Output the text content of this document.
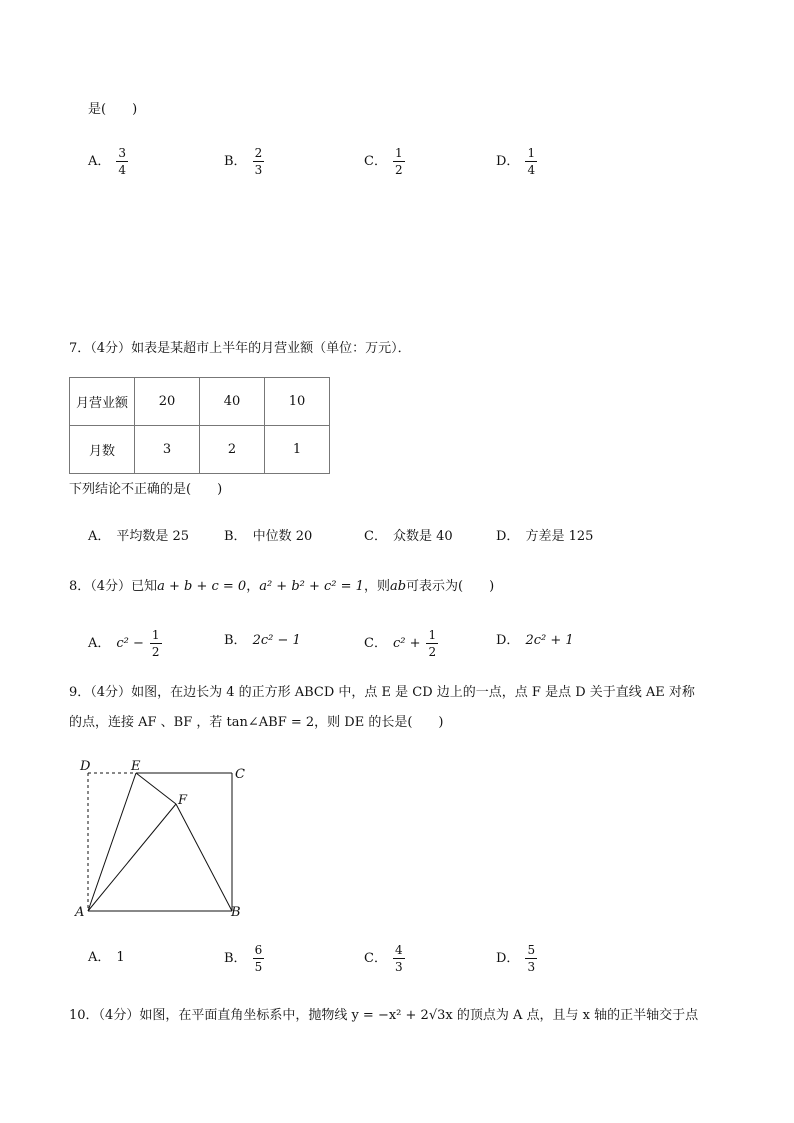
是(　　)
A． $\frac{3}{4}$	B． $\frac{2}{3}$	C． $\frac{1}{2}$	D． $\frac{1}{4}$
7．（4分）如表是某超市上半年的月营业额（单位：万元）．
月营业额	20	40	10
月数	3	2	1
下列结论不正确的是(　　)
A． 平均数是 25	B． 中位数 20	C． 众数是 40	D． 方差是 125
8．（4分）已知a + b + c = 0，a² + b² + c² = 1，则ab可表示为(　　)
A． $c^2 - \frac{1}{2}$	B． 2c² − 1	C． $c^2 + \frac{1}{2}$	D． 2c² + 1
9．（4分）如图，在边长为 4 的正方形 ABCD 中，点 E 是 CD 边上的一点，点 F 是点 D 关于直线 AE 对称
的点，连接 AF 、BF ，若 tan∠ABF = 2，则 DE 的长是(　　)
D	E
C
F
A	B
A． 1	B． $\frac{6}{5}$	C． $\frac{4}{3}$	D． $\frac{5}{3}$
10．（4分）如图，在平面直角坐标系中，抛物线 y = −x² + 2√3x 的顶点为 A 点，且与 x 轴的正半轴交于点
